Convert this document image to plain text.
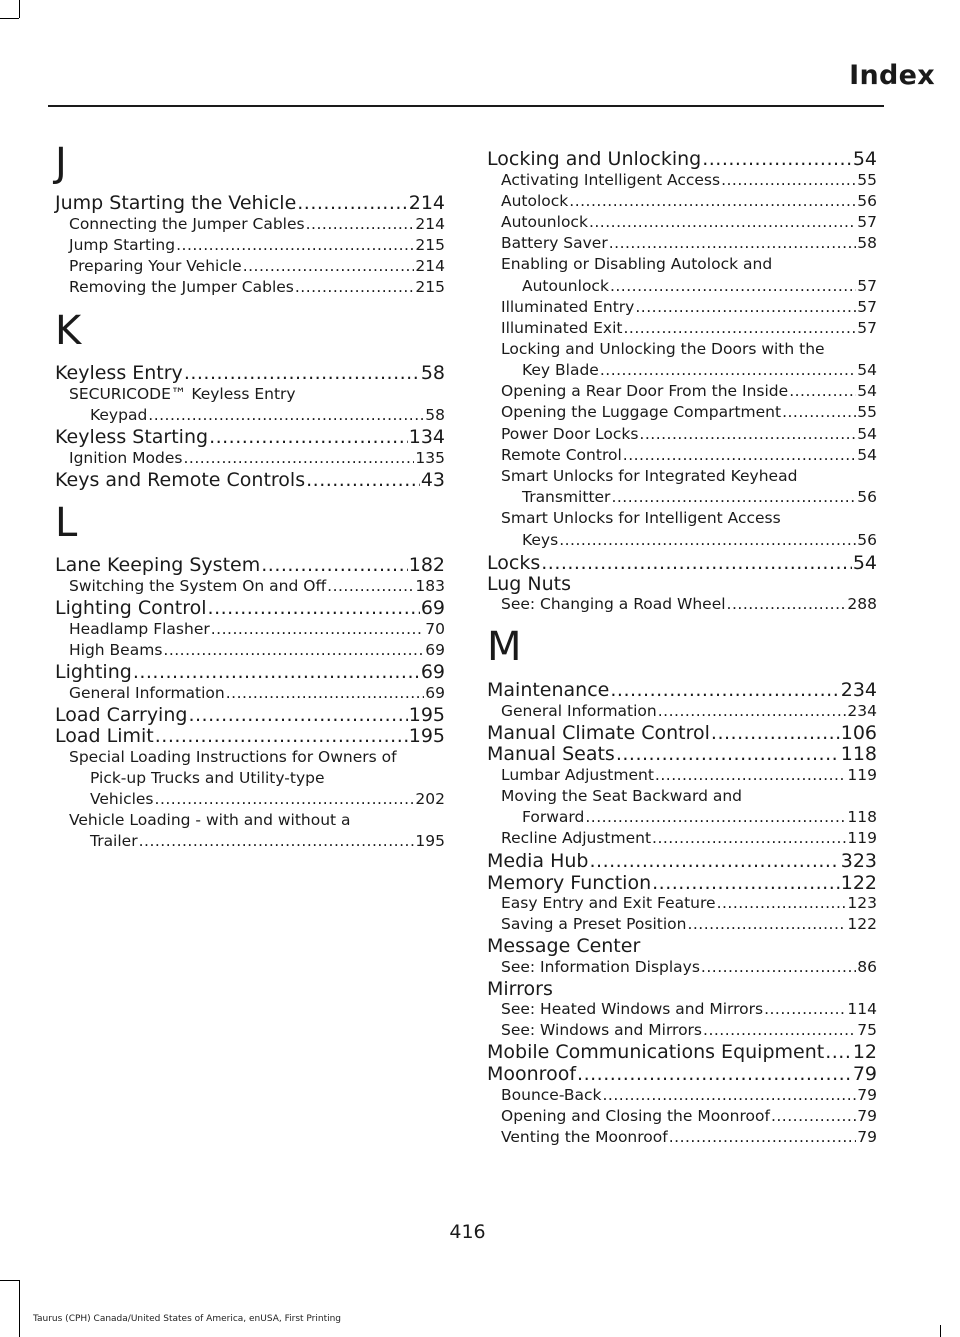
Index
J
Jump Starting the Vehicle .....	214
Connecting the Jumper Cables .....	214
Jump Starting .....	215
Preparing Your Vehicle .....	214
Removing the Jumper Cables .....	215
K
Keyless Entry .....	58
SECURICODE™ Keyless Entry
Keypad .....	58
Keyless Starting .....	134
Ignition Modes .....	135
Keys and Remote Controls .....	43
L
Lane Keeping System .....	182
Switching the System On and Off .....	183
Lighting Control .....	69
Headlamp Flasher .....	70
High Beams .....	69
Lighting .....	69
General Information .....	69
Load Carrying .....	195
Load Limit .....	195
Special Loading Instructions for Owners of
Pick-up Trucks and Utility-type
Vehicles .....	202
Vehicle Loading - with and without a
Trailer .....	195
Locking and Unlocking .....	54
Activating Intelligent Access .....	55
Autolock .....	56
Autounlock .....	57
Battery Saver .....	58
Enabling or Disabling Autolock and
Autounlock .....	57
Illuminated Entry .....	57
Illuminated Exit .....	57
Locking and Unlocking the Doors with the
Key Blade .....	54
Opening a Rear Door From the Inside .....	54
Opening the Luggage Compartment .....	55
Power Door Locks .....	54
Remote Control .....	54
Smart Unlocks for Integrated Keyhead
Transmitter .....	56
Smart Unlocks for Intelligent Access
Keys .....	56
Locks .....	54
Lug Nuts
See: Changing a Road Wheel .....	288
M
Maintenance .....	234
General Information .....	234
Manual Climate Control .....	106
Manual Seats .....	118
Lumbar Adjustment .....	119
Moving the Seat Backward and
Forward .....	118
Recline Adjustment .....	119
Media Hub .....	323
Memory Function .....	122
Easy Entry and Exit Feature .....	123
Saving a Preset Position .....	122
Message Center
See: Information Displays .....	86
Mirrors
See: Heated Windows and Mirrors .....	114
See: Windows and Mirrors .....	75
Mobile Communications Equipment ..... 12
Moonroof .....	79
Bounce-Back .....	79
Opening and Closing the Moonroof .....	79
Venting the Moonroof .....	79
416
Taurus (CPH) Canada/United States of America, enUSA, First Printing
